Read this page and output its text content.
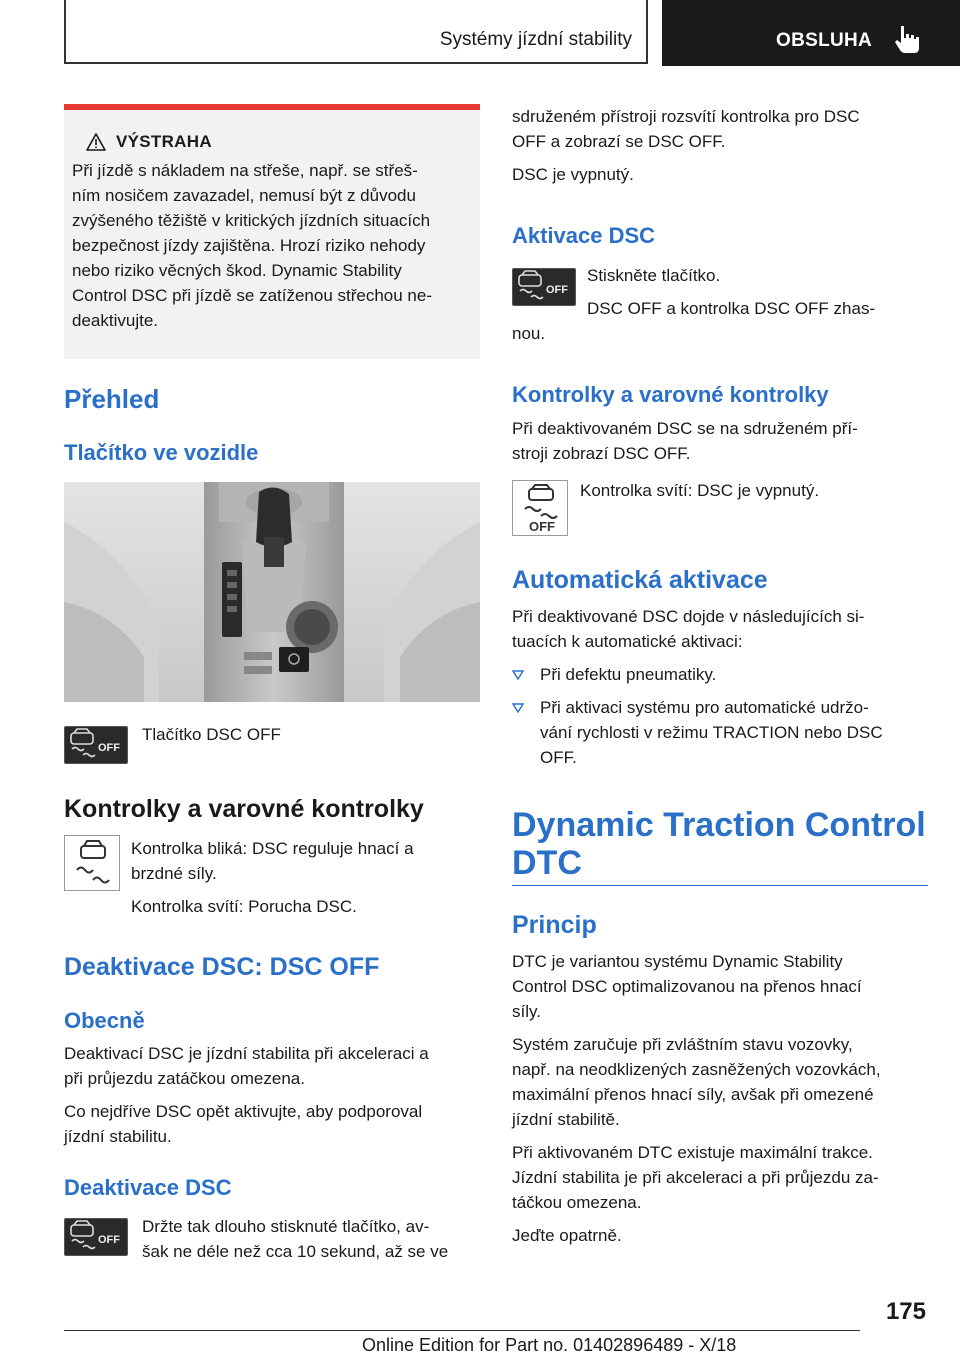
Systémy jízdní stability	OBSLUHA
VÝSTRAHA
Při jízdě s nákladem na střeše, např. se střeš-
ním nosičem zavazadel, nemusí být z důvodu
zvýšeného těžiště v kritických jízdních situacích
bezpečnost jízdy zajištěna. Hrozí riziko nehody
nebo riziko věcných škod. Dynamic Stability
Control DSC při jízdě se zatíženou střechou ne-
deaktivujte.
Přehled
Tlačítko ve vozidle
OFF
Tlačítko DSC OFF
Kontrolky a varovné kontrolky
Kontrolka bliká: DSC reguluje hnací a
brzdné síly.
Kontrolka svítí: Porucha DSC.
Deaktivace DSC: DSC OFF
Obecně
Deaktivací DSC je jízdní stabilita při akceleraci a
při průjezdu zatáčkou omezena.
Co nejdříve DSC opět aktivujte, aby podporoval
jízdní stabilitu.
Deaktivace DSC
OFF
Držte tak dlouho stisknuté tlačítko, av-
šak ne déle než cca 10 sekund, až se ve
sdruženém přístroji rozsvítí kontrolka pro DSC
OFF a zobrazí se DSC OFF.
DSC je vypnutý.
Aktivace DSC
OFF
Stiskněte tlačítko.
DSC OFF a kontrolka DSC OFF zhas-
nou.
Kontrolky a varovné kontrolky
Při deaktivovaném DSC se na sdruženém pří-
stroji zobrazí DSC OFF.
OFF
Kontrolka svítí: DSC je vypnutý.
Automatická aktivace
Při deaktivované DSC dojde v následujících si-
tuacích k automatické aktivaci:
Při defektu pneumatiky.
Při aktivaci systému pro automatické udržo-
vání rychlosti v režimu TRACTION nebo DSC
OFF.
Dynamic Traction Control
DTC
Princip
DTC je variantou systému Dynamic Stability
Control DSC optimalizovanou na přenos hnací
síly.
Systém zaručuje při zvláštním stavu vozovky,
např. na neodklizených zasněžených vozovkách,
maximální přenos hnací síly, avšak při omezené
jízdní stabilitě.
Při aktivovaném DTC existuje maximální trakce.
Jízdní stabilita je při akceleraci a při průjezdu za-
táčkou omezena.
Jeďte opatrně.
175
Online Edition for Part no. 01402896489 - X/18
